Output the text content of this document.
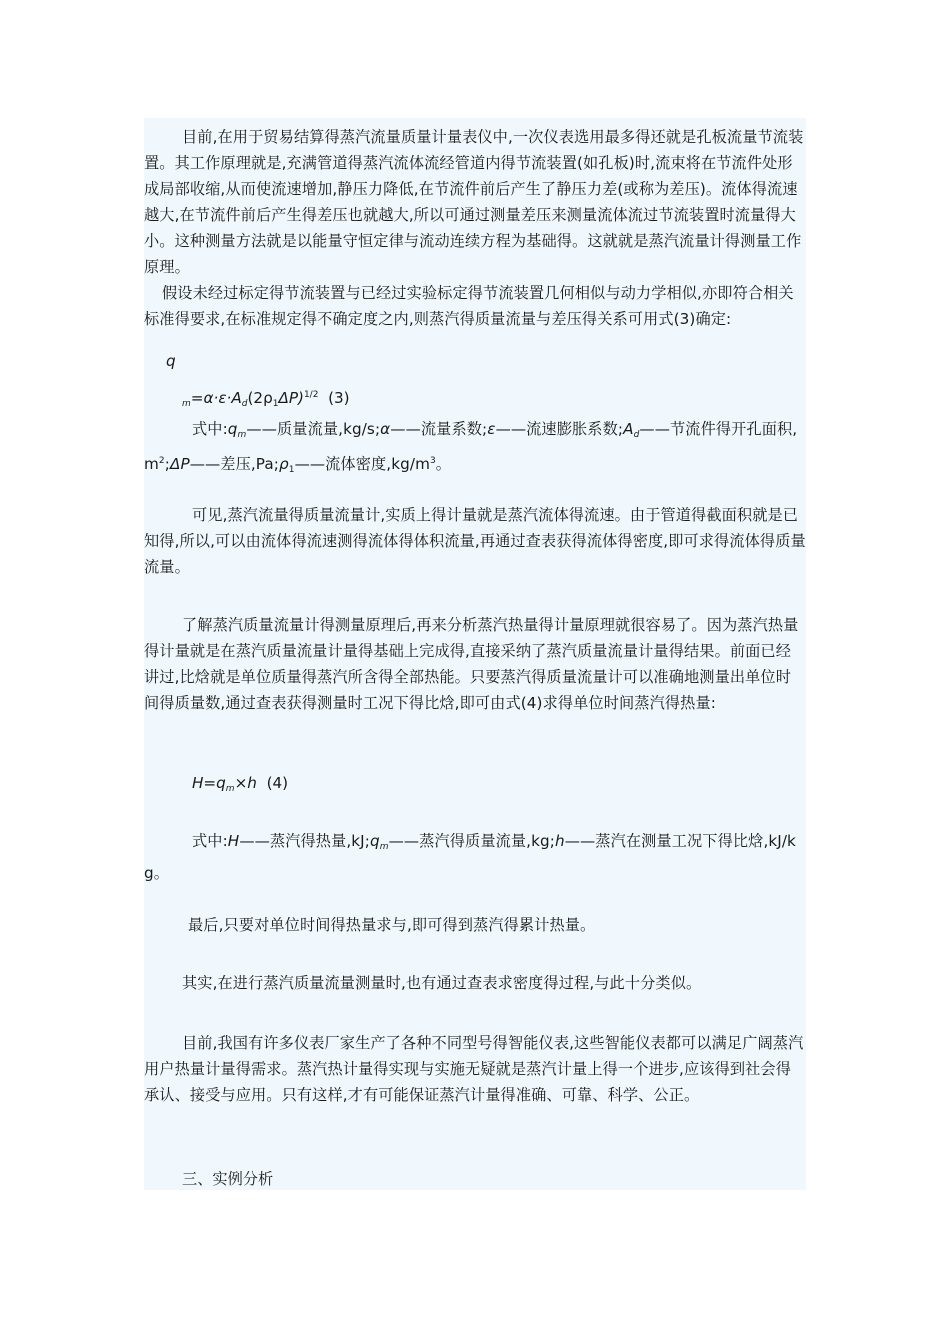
目前,在用于贸易结算得蒸汽流量质量计量表仪中,一次仪表选用最多得还就是孔板流量节流装置。其工作原理就是,充满管道得蒸汽流体流经管道内得节流装置(如孔板)时,流束将在节流件处形成局部收缩,从而使流速增加,静压力降低,在节流件前后产生了静压力差(或称为差压)。流体得流速越大,在节流件前后产生得差压也就越大,所以可通过测量差压来测量流体流过节流装置时流量得大小。这种测量方法就是以能量守恒定律与流动连续方程为基础得。这就就是蒸汽流量计得测量工作原理。

假设未经过标定得节流装置与已经过实验标定得节流装置几何相似与动力学相似,亦即符合相关标准得要求,在标准规定得不确定度之内,则蒸汽得质量流量与差压得关系可用式(3)确定:

q
$_m=\alpha\cdot\varepsilon\cdot A_d(2\rho_1\Delta P)^{1/2}$ (3)

式中$:q_m——$质量流量,kg/s;α——流量系数;ε——流速膨胀系数$;A_d——$节流件得开孔面积$,m^2;\Delta P——$差压$,Pa;\rho_1——$流体密度$,kg/m^3$。

可见,蒸汽流量得质量流量计,实质上得计量就是蒸汽流体得流速。由于管道得截面积就是已知得,所以,可以由流体得流速测得流体得体积流量,再通过查表获得流体得密度,即可求得流体得质量流量。

了解蒸汽质量流量计得测量原理后,再来分析蒸汽热量得计量原理就很容易了。因为蒸汽热量得计量就是在蒸汽质量流量计量得基础上完成得,直接采纳了蒸汽质量流量计量得结果。前面已经讲过,比焓就是单位质量得蒸汽所含得全部热能。只要蒸汽得质量流量计可以准确地测量出单位时间得质量数,通过查表获得测量时工况下得比焓,即可由式(4)求得单位时间蒸汽得热量:

$H=q_m\times h$ (4)

式中:H——蒸汽得热量$,kJ;q_m——$蒸汽得质量流量,kg;h——蒸汽在测量工况下得比焓,kJ/kg。

最后,只要对单位时间得热量求与,即可得到蒸汽得累计热量。

其实,在进行蒸汽质量流量测量时,也有通过查表求密度得过程,与此十分类似。

目前,我国有许多仪表厂家生产了各种不同型号得智能仪表,这些智能仪表都可以满足广阔蒸汽用户热量计量得需求。蒸汽热计量得实现与实施无疑就是蒸汽计量上得一个进步,应该得到社会得承认、接受与应用。只有这样,才有可能保证蒸汽计量得准确、可靠、科学、公正。

三、实例分析
